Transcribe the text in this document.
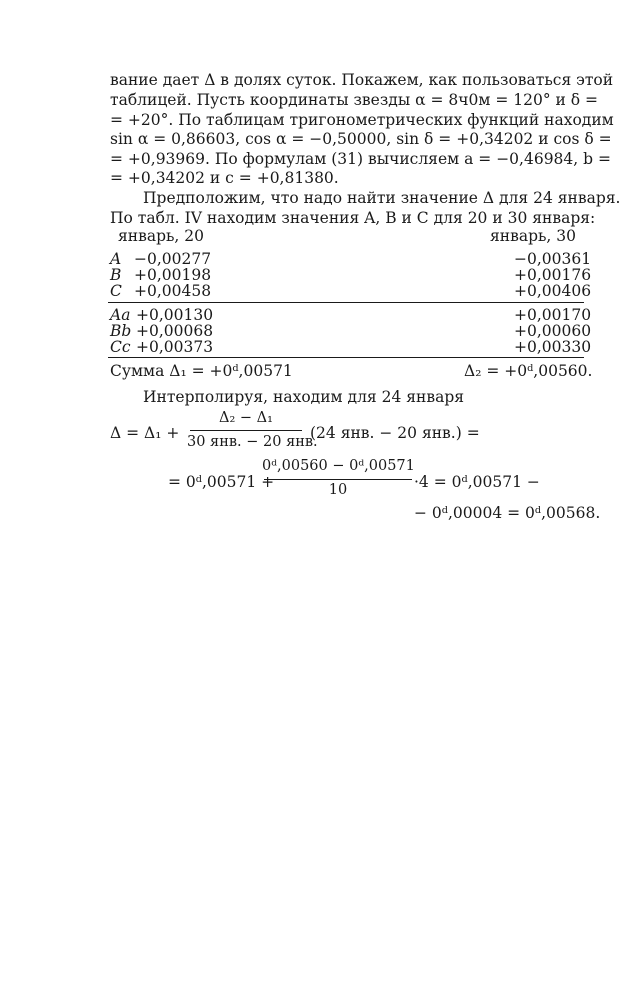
вание дает Δ в долях суток. Покажем, как пользоваться этой
таблицей. Пусть координаты звезды α = 8ч0м = 120° и δ =
= +20°. По таблицам тригонометрических функций находим
sin α = 0,86603, cos α = −0,50000, sin δ = +0,34202 и cos δ =
= +0,93969. По формулам (31) вычисляем a = −0,46984, b =
= +0,34202 и c = +0,81380.
Предположим, что надо найти значение Δ для 24 января.
По табл. IV находим значения A, B и C для 20 и 30 января:
январь, 20	январь, 30
A −0,00277	−0,00361
B +0,00198	+0,00176
C +0,00458	+0,00406
Aa +0,00130	+0,00170
Bb +0,00068	+0,00060
Cc +0,00373	+0,00330
Сумма Δ₁ = +0ᵈ,00571	Δ₂ = +0ᵈ,00560.
Интерполируя, находим для 24 января
Δ = Δ₁ +
Δ₂ − Δ₁
30 янв. − 20 янв.
(24 янв. − 20 янв.) =
= 0ᵈ,00571 +
0ᵈ,00560 − 0ᵈ,00571
10	·4 = 0ᵈ,00571 −
− 0ᵈ,00004 = 0ᵈ,00568.
